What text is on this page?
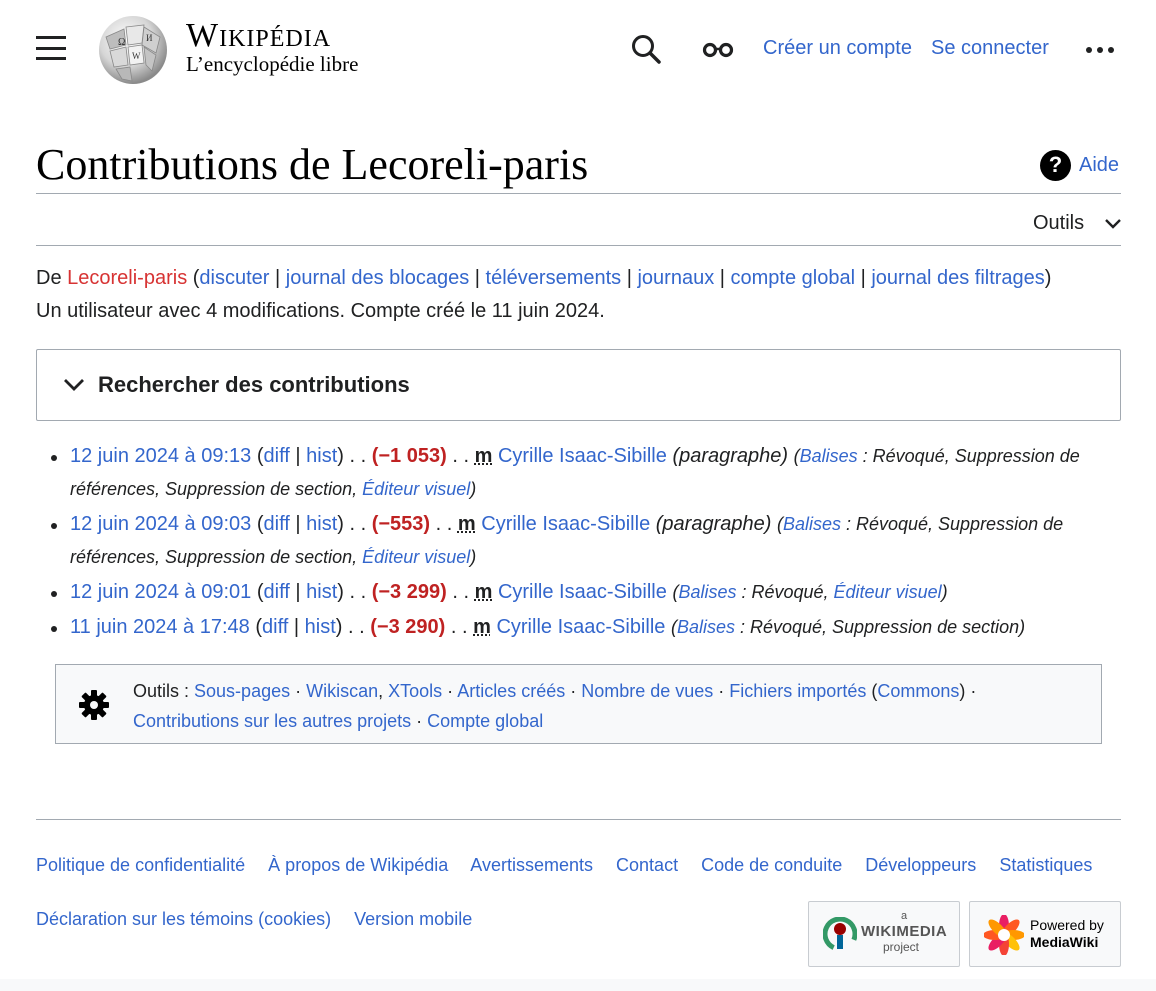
Ω И
W
Wikipédia
L’encyclopédie libre
Créer un compte Se connecter
Contributions de Lecoreli-paris	? Aide
Outils
De Lecoreli-paris (discuter | journal des blocages | téléversements | journaux | compte global | journal des filtrages)
Un utilisateur avec 4 modifications. Compte créé le 11 juin 2024.
Rechercher des contributions
12 juin 2024 à 09:13 (diff | hist) . . (−1 053) . . m Cyrille Isaac-Sibille (paragraphe) (Balises : Révoqué, Suppression de références, Suppression de section, Éditeur visuel)
12 juin 2024 à 09:03 (diff | hist) . . (−553) . . m Cyrille Isaac-Sibille (paragraphe) (Balises : Révoqué, Suppression de références, Suppression de section, Éditeur visuel)
12 juin 2024 à 09:01 (diff | hist) . . (−3 299) . . m Cyrille Isaac-Sibille (Balises : Révoqué, Éditeur visuel)
11 juin 2024 à 17:48 (diff | hist) . . (−3 290) . . m Cyrille Isaac-Sibille (Balises : Révoqué, Suppression de section)
Outils : Sous-pages · Wikiscan, XTools · Articles créés · Nombre de vues · Fichiers importés (Commons) ·
Contributions sur les autres projets · Compte global
Politique de confidentialité À propos de Wikipédia Avertissements Contact Code de conduite Développeurs Statistiques
Déclaration sur les témoins (cookies) Version mobile	a
WIKIMEDIA
project
Powered by
MediaWiki
